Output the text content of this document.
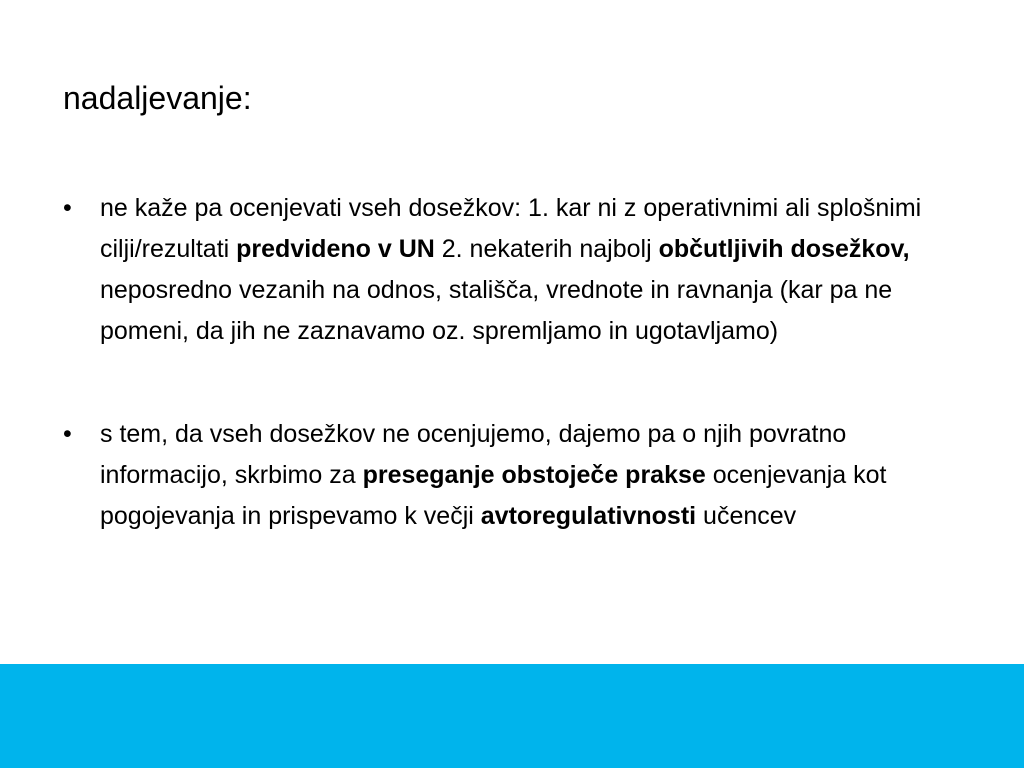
nadaljevanje:
•	ne kaže pa ocenjevati vseh dosežkov: 1. kar ni z operativnimi ali splošnimi cilji/rezultati predvideno v UN 2. nekaterih najbolj občutljivih dosežkov, neposredno vezanih na odnos, stališča, vrednote in ravnanja (kar pa ne pomeni, da jih ne zaznavamo oz. spremljamo in ugotavljamo)
•	s tem, da vseh dosežkov ne ocenjujemo, dajemo pa o njih povratno informacijo, skrbimo za preseganje obstoječe prakse ocenjevanja kot pogojevanja in prispevamo k večji avtoregulativnosti učencev
